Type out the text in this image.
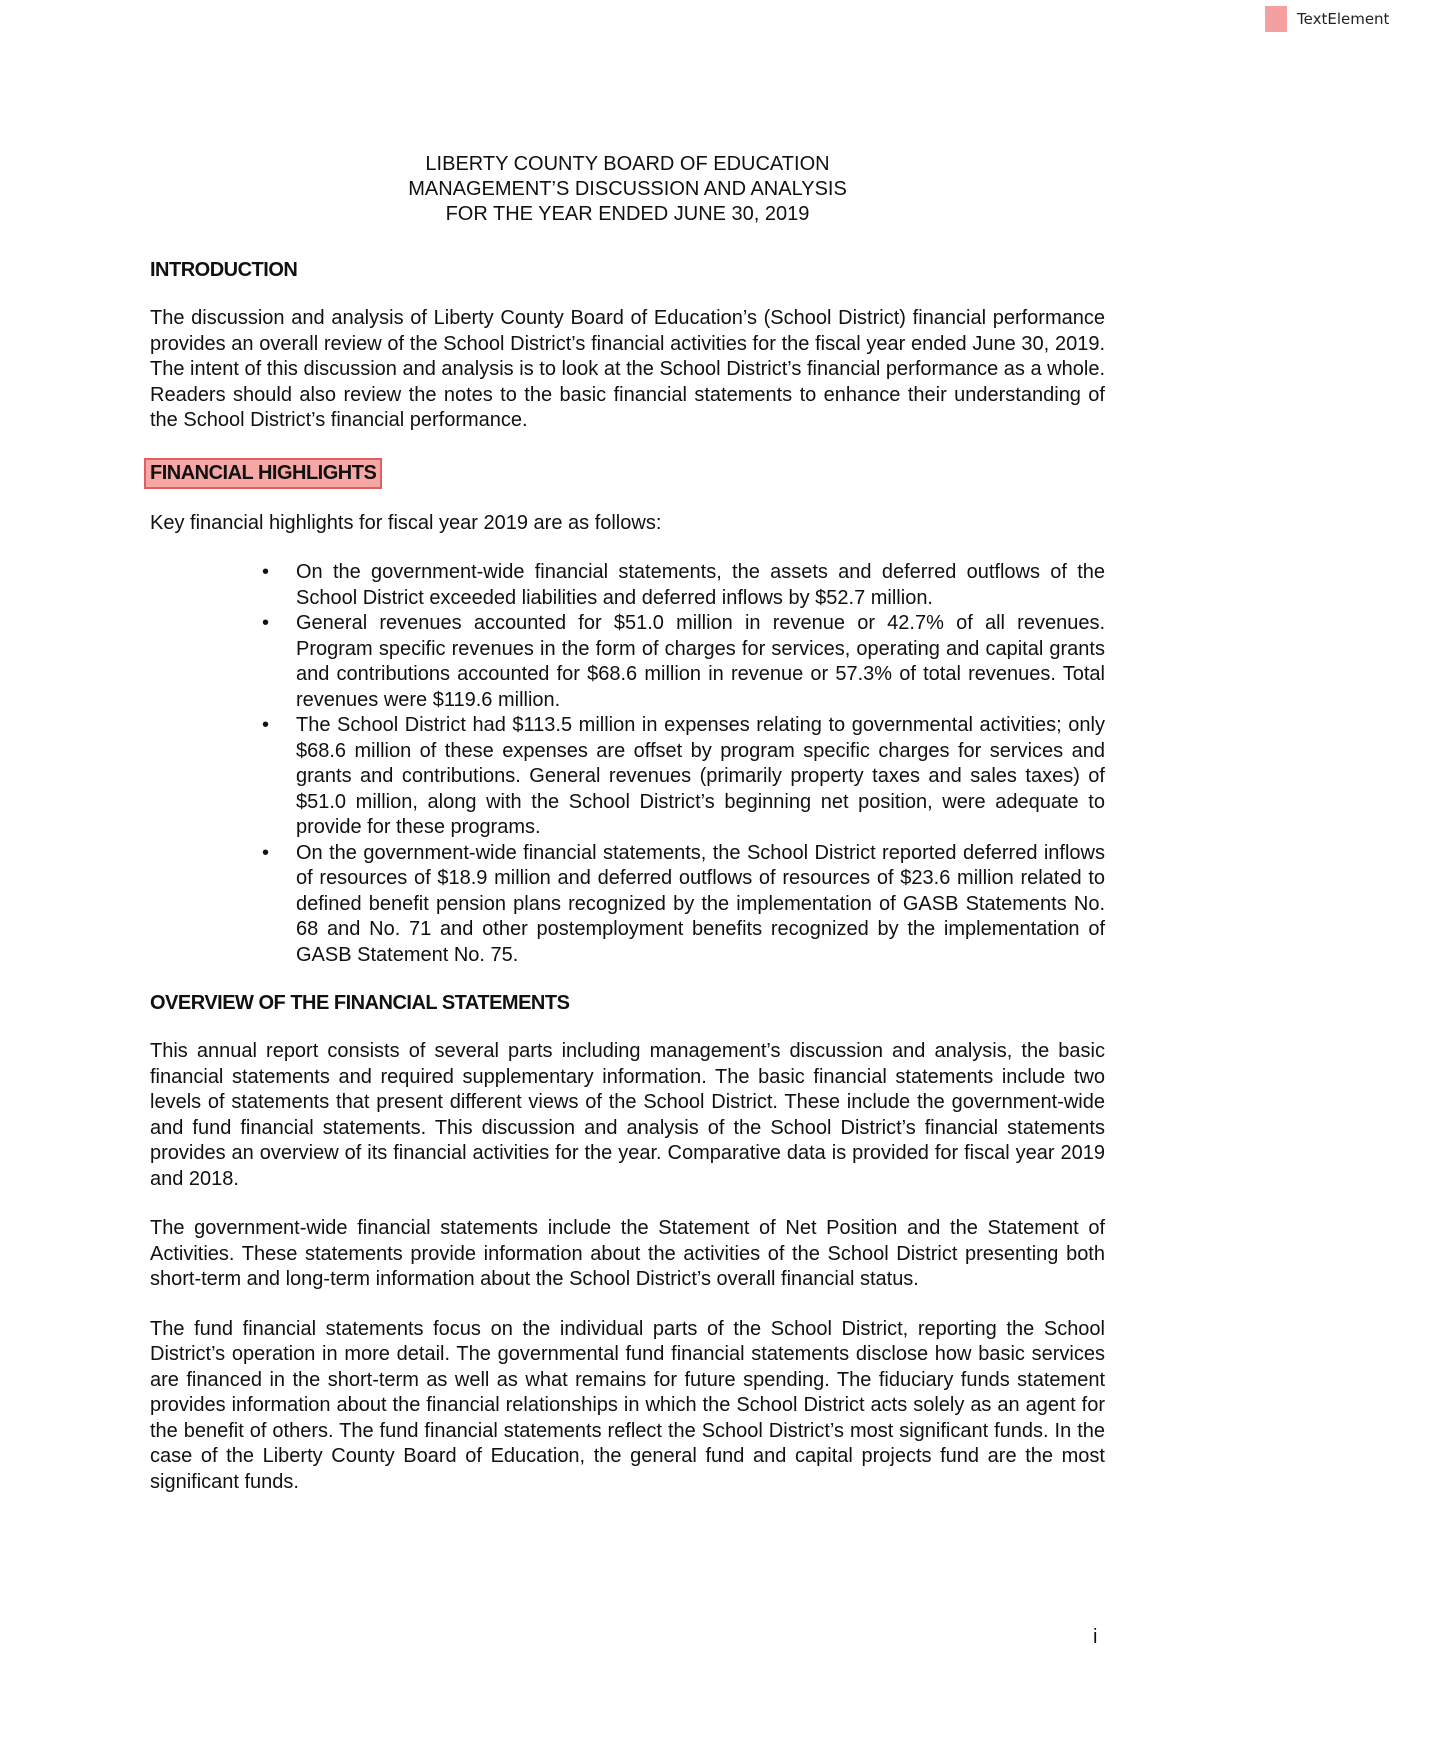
TextElement
LIBERTY COUNTY BOARD OF EDUCATION
MANAGEMENT’S DISCUSSION AND ANALYSIS
FOR THE YEAR ENDED JUNE 30, 2019
INTRODUCTION

The discussion and analysis of Liberty County Board of Education’s (School District) financial performance provides an overall review of the School District’s financial activities for the fiscal year ended June 30, 2019. The intent of this discussion and analysis is to look at the School District’s financial performance as a whole. Readers should also review the notes to the basic financial statements to enhance their understanding of the School District’s financial performance.

FINANCIAL HIGHLIGHTS

Key financial highlights for fiscal year 2019 are as follows:

• On the government-wide financial statements, the assets and deferred outflows of the School District exceeded liabilities and deferred inflows by $52.7 million.
• General revenues accounted for $51.0 million in revenue or 42.7% of all revenues. Program specific revenues in the form of charges for services, operating and capital grants and contributions accounted for $68.6 million in revenue or 57.3% of total revenues. Total revenues were $119.6 million.
• The School District had $113.5 million in expenses relating to governmental activities; only $68.6 million of these expenses are offset by program specific charges for services and grants and contributions. General revenues (primarily property taxes and sales taxes) of $51.0 million, along with the School District’s beginning net position, were adequate to provide for these programs.
• On the government-wide financial statements, the School District reported deferred inflows of resources of $18.9 million and deferred outflows of resources of $23.6 million related to defined benefit pension plans recognized by the implementation of GASB Statements No. 68 and No. 71 and other postemployment benefits recognized by the implementation of GASB Statement No. 75.
OVERVIEW OF THE FINANCIAL STATEMENTS

This annual report consists of several parts including management’s discussion and analysis, the basic financial statements and required supplementary information. The basic financial statements include two levels of statements that present different views of the School District. These include the government-wide and fund financial statements. This discussion and analysis of the School District’s financial statements provides an overview of its financial activities for the year. Comparative data is provided for fiscal year 2019 and 2018.

The government-wide financial statements include the Statement of Net Position and the Statement of Activities. These statements provide information about the activities of the School District presenting both short-term and long-term information about the School District’s overall financial status.

The fund financial statements focus on the individual parts of the School District, reporting the School District’s operation in more detail. The governmental fund financial statements disclose how basic services are financed in the short-term as well as what remains for future spending. The fiduciary funds statement provides information about the financial relationships in which the School District acts solely as an agent for the benefit of others. The fund financial statements reflect the School District’s most significant funds. In the case of the Liberty County Board of Education, the general fund and capital projects fund are the most significant funds.

i
